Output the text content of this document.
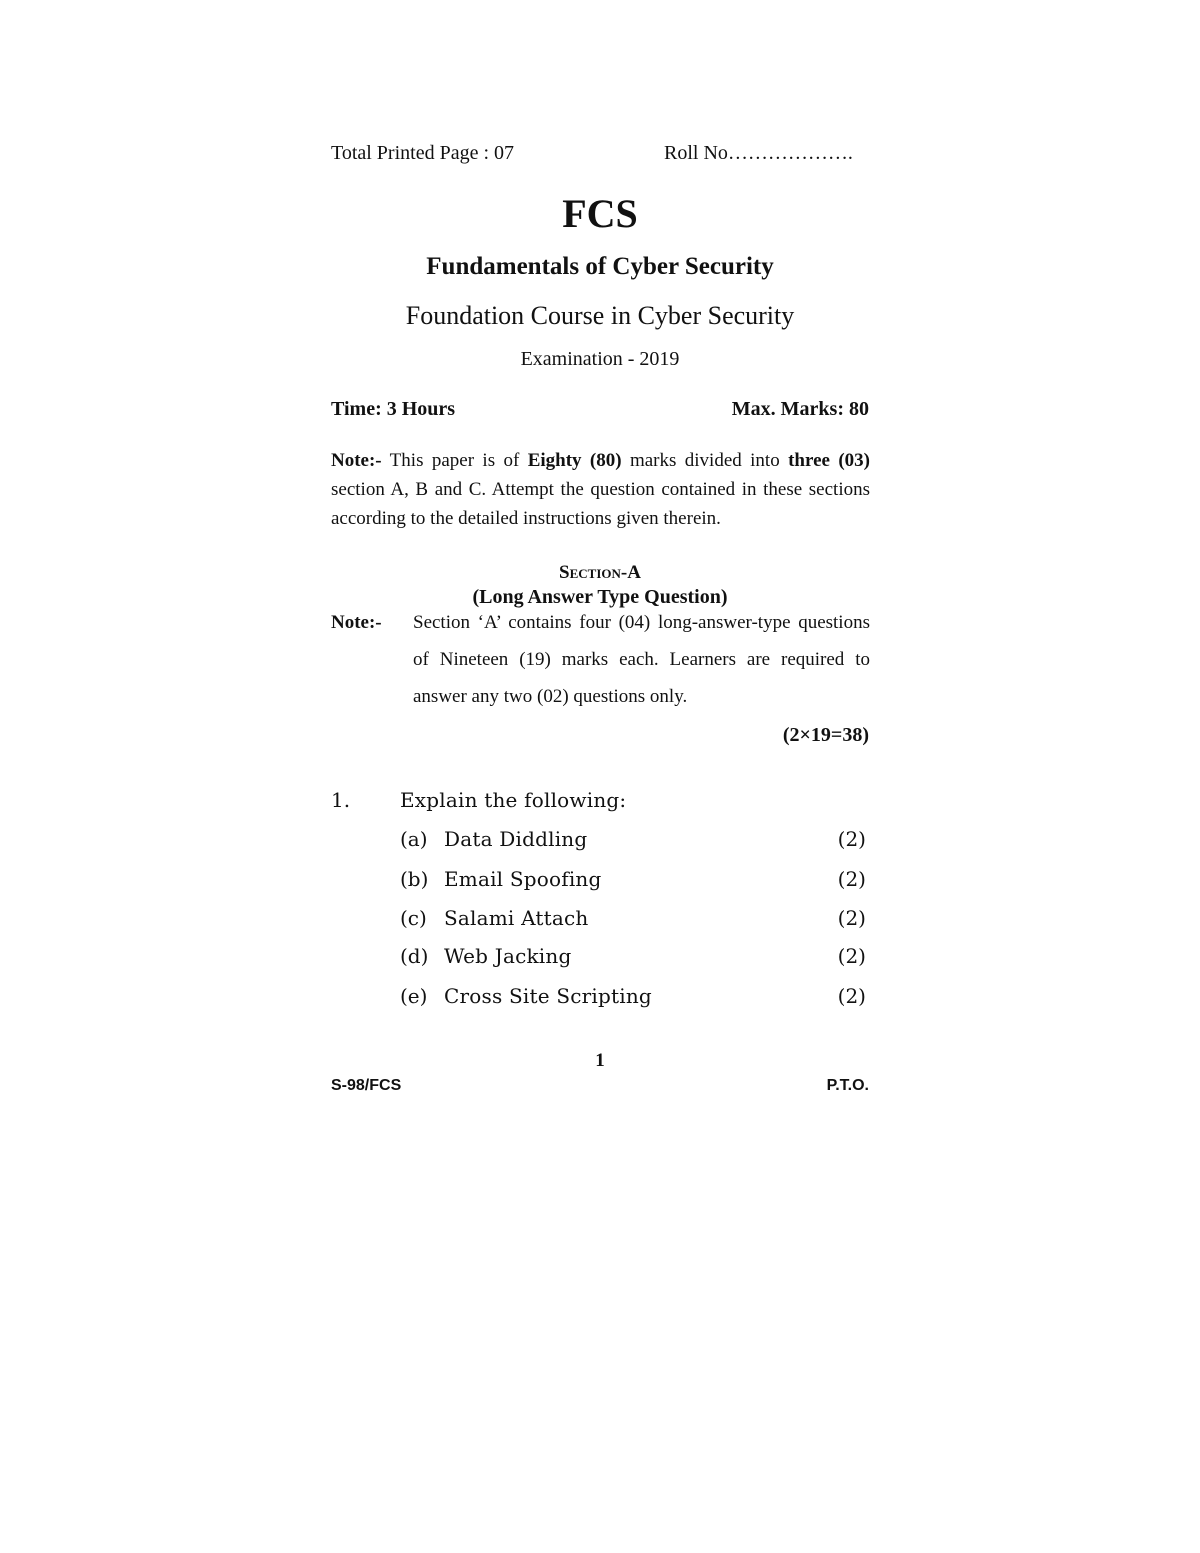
Total Printed Page : 07	Roll No……………….
FCS
Fundamentals of Cyber Security
Foundation Course in Cyber Security
Examination - 2019
Time: 3 Hours	Max. Marks: 80
Note:- This paper is of Eighty (80) marks divided into three (03) section A, B and C. Attempt the question contained in these sections according to the detailed instructions given therein.
Section-A
(Long Answer Type Question)
Note:- Section ‘A’ contains four (04) long-answer-type questions of Nineteen (19) marks each. Learners are required to answer any two (02) questions only.
(2×19=38)
1. Explain the following:
(a) Data Diddling	(2)
(b) Email Spoofing	(2)
(c) Salami Attach	(2)
(d) Web Jacking	(2)
(e) Cross Site Scripting	(2)
1
S-98/FCS	P.T.O.
